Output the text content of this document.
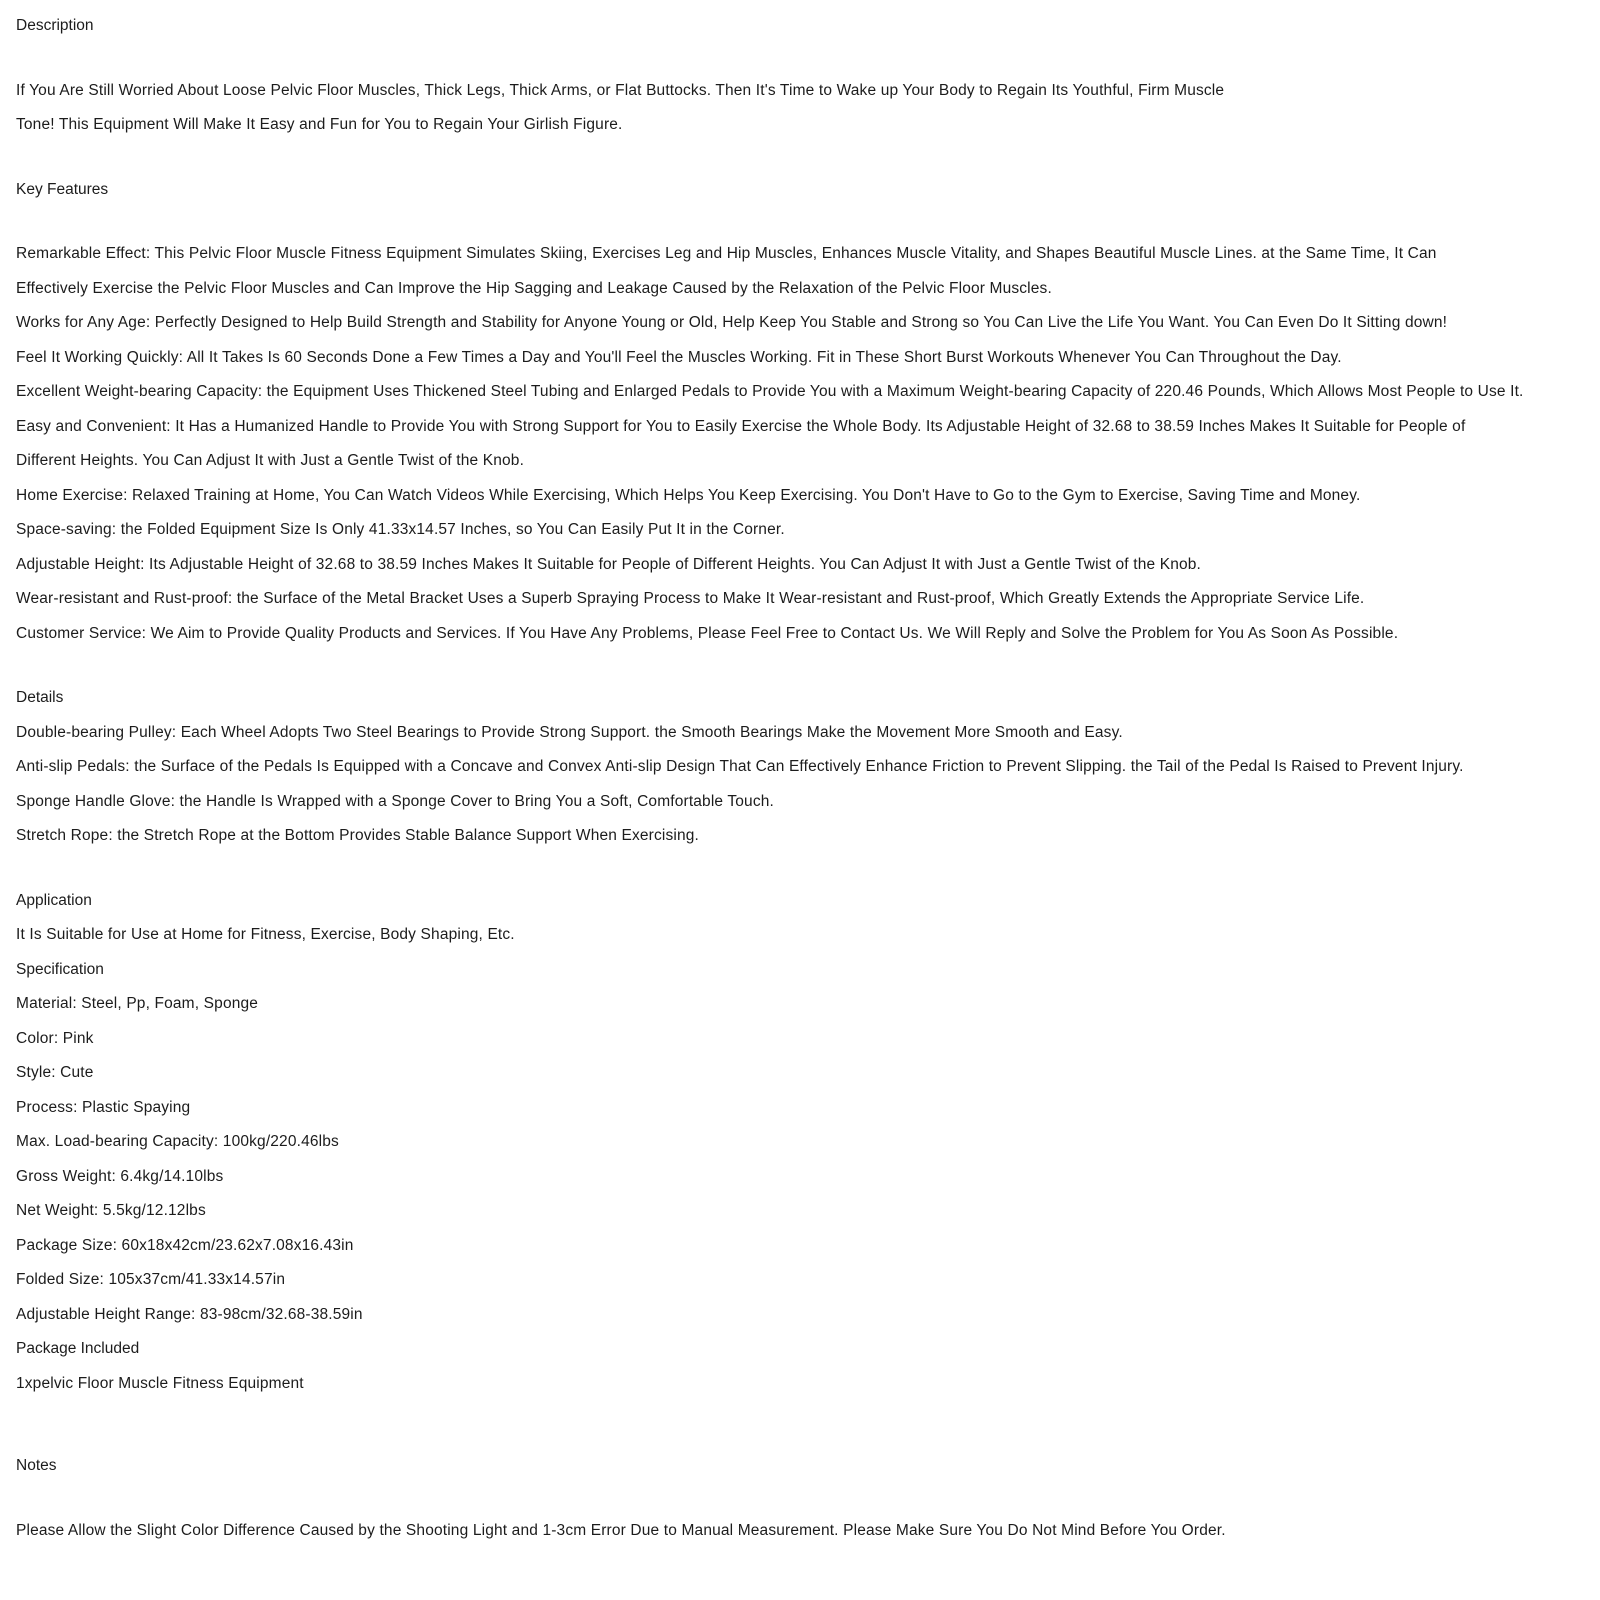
Description
If You Are Still Worried About Loose Pelvic Floor Muscles, Thick Legs, Thick Arms, or Flat Buttocks. Then It's Time to Wake up Your Body to Regain Its Youthful, Firm Muscle
Tone! This Equipment Will Make It Easy and Fun for You to Regain Your Girlish Figure.
Key Features
Remarkable Effect: This Pelvic Floor Muscle Fitness Equipment Simulates Skiing, Exercises Leg and Hip Muscles, Enhances Muscle Vitality, and Shapes Beautiful Muscle Lines. at the Same Time, It Can
Effectively Exercise the Pelvic Floor Muscles and Can Improve the Hip Sagging and Leakage Caused by the Relaxation of the Pelvic Floor Muscles.
Works for Any Age: Perfectly Designed to Help Build Strength and Stability for Anyone Young or Old, Help Keep You Stable and Strong so You Can Live the Life You Want. You Can Even Do It Sitting down!
Feel It Working Quickly: All It Takes Is 60 Seconds Done a Few Times a Day and You'll Feel the Muscles Working. Fit in These Short Burst Workouts Whenever You Can Throughout the Day.
Excellent Weight-bearing Capacity: the Equipment Uses Thickened Steel Tubing and Enlarged Pedals to Provide You with a Maximum Weight-bearing Capacity of 220.46 Pounds, Which Allows Most People to Use It.
Easy and Convenient: It Has a Humanized Handle to Provide You with Strong Support for You to Easily Exercise the Whole Body. Its Adjustable Height of 32.68 to 38.59 Inches Makes It Suitable for People of
Different Heights. You Can Adjust It with Just a Gentle Twist of the Knob.
Home Exercise: Relaxed Training at Home, You Can Watch Videos While Exercising, Which Helps You Keep Exercising. You Don't Have to Go to the Gym to Exercise, Saving Time and Money.
Space-saving: the Folded Equipment Size Is Only 41.33x14.57 Inches, so You Can Easily Put It in the Corner.
Adjustable Height: Its Adjustable Height of 32.68 to 38.59 Inches Makes It Suitable for People of Different Heights. You Can Adjust It with Just a Gentle Twist of the Knob.
Wear-resistant and Rust-proof: the Surface of the Metal Bracket Uses a Superb Spraying Process to Make It Wear-resistant and Rust-proof, Which Greatly Extends the Appropriate Service Life.
Customer Service: We Aim to Provide Quality Products and Services. If You Have Any Problems, Please Feel Free to Contact Us. We Will Reply and Solve the Problem for You As Soon As Possible.
Details
Double-bearing Pulley: Each Wheel Adopts Two Steel Bearings to Provide Strong Support. the Smooth Bearings Make the Movement More Smooth and Easy.
Anti-slip Pedals: the Surface of the Pedals Is Equipped with a Concave and Convex Anti-slip Design That Can Effectively Enhance Friction to Prevent Slipping. the Tail of the Pedal Is Raised to Prevent Injury.
Sponge Handle Glove: the Handle Is Wrapped with a Sponge Cover to Bring You a Soft, Comfortable Touch.
Stretch Rope: the Stretch Rope at the Bottom Provides Stable Balance Support When Exercising.
Application
It Is Suitable for Use at Home for Fitness, Exercise, Body Shaping, Etc.
Specification
Material: Steel, Pp, Foam, Sponge
Color: Pink
Style: Cute
Process: Plastic Spaying
Max. Load-bearing Capacity: 100kg/220.46lbs
Gross Weight: 6.4kg/14.10lbs
Net Weight: 5.5kg/12.12lbs
Package Size: 60x18x42cm/23.62x7.08x16.43in
Folded Size: 105x37cm/41.33x14.57in
Adjustable Height Range: 83-98cm/32.68-38.59in
Package Included
1xpelvic Floor Muscle Fitness Equipment
Notes
Please Allow the Slight Color Difference Caused by the Shooting Light and 1-3cm Error Due to Manual Measurement. Please Make Sure You Do Not Mind Before You Order.
